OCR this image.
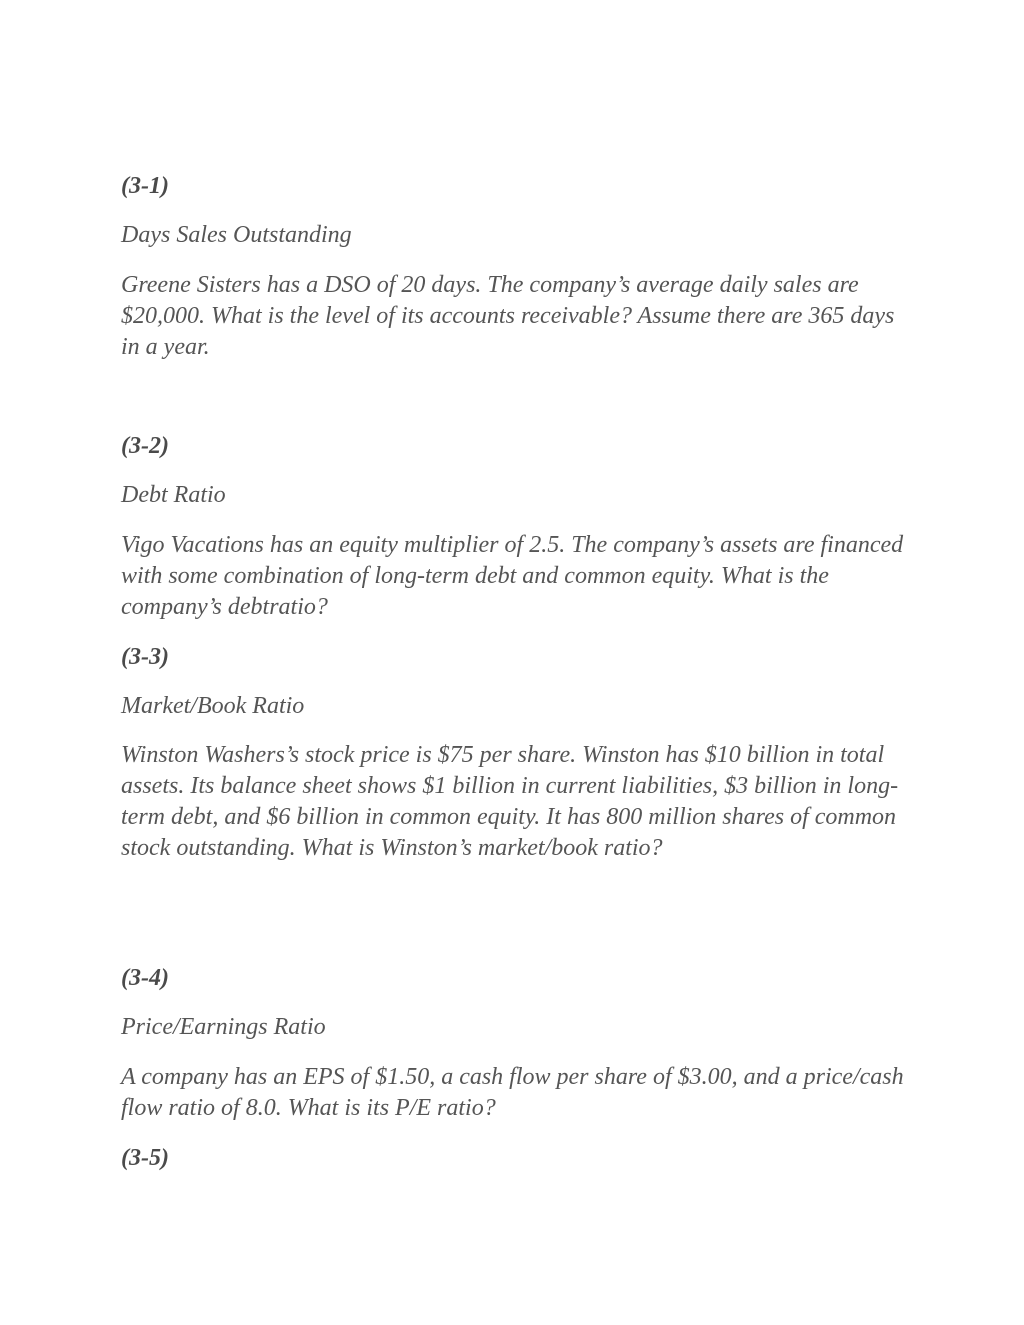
(3-1)

Days Sales Outstanding

Greene Sisters has a DSO of 20 days. The company’s average daily sales are $20,000. What is the level of its accounts receivable? Assume there are 365 days in a year.

(3-2)

Debt Ratio

Vigo Vacations has an equity multiplier of 2.5. The company’s assets are financed with some combination of long-term debt and common equity. What is the company’s debtratio?

(3-3)

Market/Book Ratio

Winston Washers’s stock price is $75 per share. Winston has $10 billion in total assets. Its balance sheet shows $1 billion in current liabilities, $3 billion in long-term debt, and $6 billion in common equity. It has 800 million shares of common stock outstanding. What is Winston’s market/book ratio?

(3-4)

Price/Earnings Ratio

A company has an EPS of $1.50, a cash flow per share of $3.00, and a price/cash flow ratio of 8.0. What is its P/E ratio?

(3-5)
